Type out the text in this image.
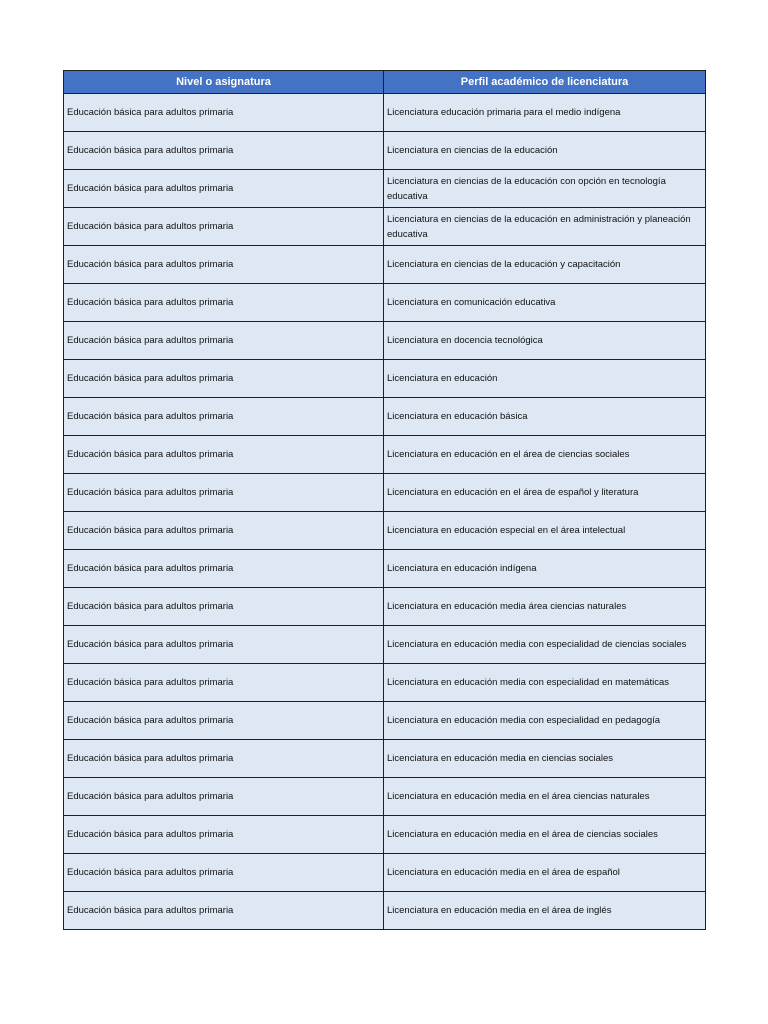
Nivel o asignatura	Perfil académico de licenciatura
Educación básica para adultos primaria	Licenciatura educación primaria para el medio indígena
Educación básica para adultos primaria	Licenciatura en ciencias de la educación
Educación básica para adultos primaria	Licenciatura en ciencias de la educación con opción en tecnología educativa
Educación básica para adultos primaria	Licenciatura en ciencias de la educación en administración y planeación educativa
Educación básica para adultos primaria	Licenciatura en ciencias de la educación y capacitación
Educación básica para adultos primaria	Licenciatura en comunicación educativa
Educación básica para adultos primaria	Licenciatura en docencia tecnológica
Educación básica para adultos primaria	Licenciatura en educación
Educación básica para adultos primaria	Licenciatura en educación básica
Educación básica para adultos primaria	Licenciatura en educación en el área de ciencias sociales
Educación básica para adultos primaria	Licenciatura en educación en el área de español y literatura
Educación básica para adultos primaria	Licenciatura en educación especial en el área intelectual
Educación básica para adultos primaria	Licenciatura en educación indígena
Educación básica para adultos primaria	Licenciatura en educación media área ciencias naturales
Educación básica para adultos primaria	Licenciatura en educación media con especialidad de ciencias sociales
Educación básica para adultos primaria	Licenciatura en educación media con especialidad en matemáticas
Educación básica para adultos primaria	Licenciatura en educación media con especialidad en pedagogía
Educación básica para adultos primaria	Licenciatura en educación media en ciencias sociales
Educación básica para adultos primaria	Licenciatura en educación media en el área ciencias naturales
Educación básica para adultos primaria	Licenciatura en educación media en el área de ciencias sociales
Educación básica para adultos primaria	Licenciatura en educación media en el área de español
Educación básica para adultos primaria	Licenciatura en educación media en el área de inglés
